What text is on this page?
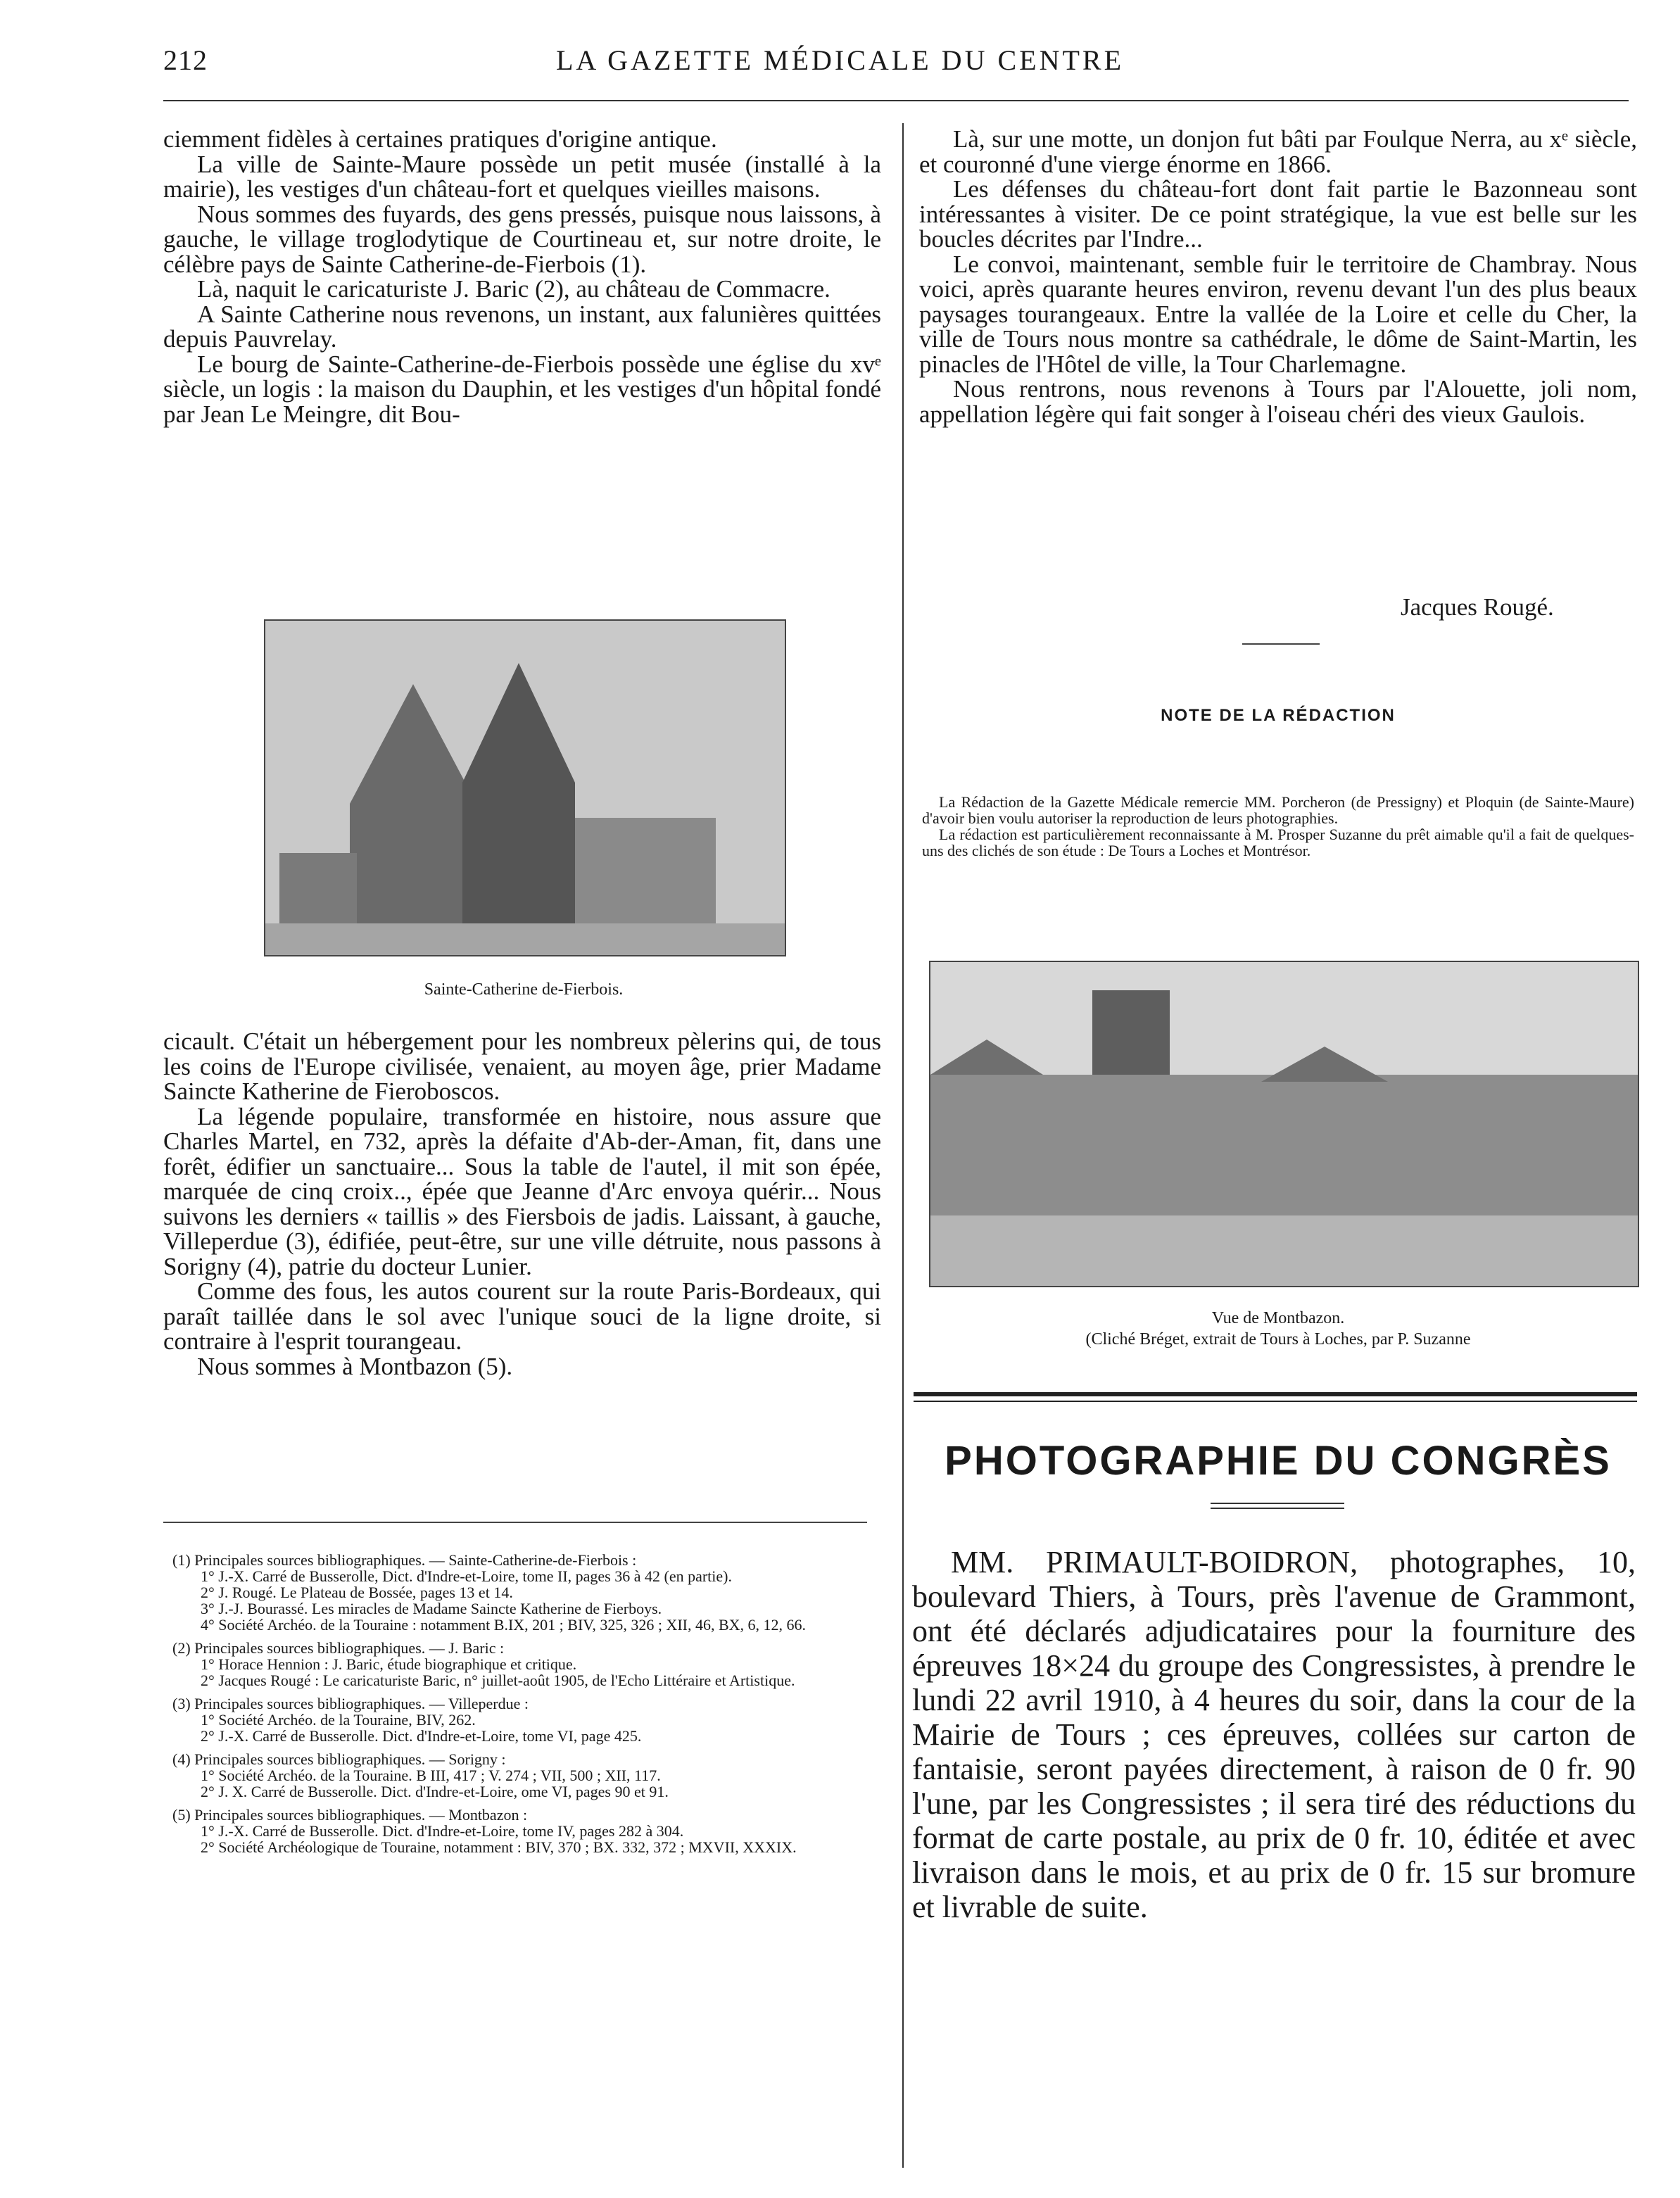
212	LA GAZETTE MÉDICALE DU CENTRE

ciemment fidèles à certaines pratiques d'origine antique.

La ville de Sainte-Maure possède un petit musée (installé à la mairie), les vestiges d'un château-fort et quelques vieilles maisons.

Nous sommes des fuyards, des gens pressés, puisque nous laissons, à gauche, le village troglodytique de Courtineau et, sur notre droite, le célèbre pays de Sainte Catherine-de-Fierbois (1).

Là, naquit le caricaturiste J. Baric (2), au château de Commacre.

A Sainte Catherine nous revenons, un instant, aux falunières quittées depuis Pauvrelay.

Le bourg de Sainte-Catherine-de-Fierbois possède une église du xvᵉ siècle, un logis : la maison du Dauphin, et les vestiges d'un hôpital fondé par Jean Le Meingre, dit Bou-

Sainte-Catherine de-Fierbois.

cicault. C'était un hébergement pour les nombreux pèlerins qui, de tous les coins de l'Europe civilisée, venaient, au moyen âge, prier Madame Saincte Katherine de Fieroboscos.

La légende populaire, transformée en histoire, nous assure que Charles Martel, en 732, après la défaite d'Ab-der-Aman, fit, dans une forêt, édifier un sanctuaire... Sous la table de l'autel, il mit son épée, marquée de cinq croix.., épée que Jeanne d'Arc envoya quérir... Nous suivons les derniers « taillis » des Fiersbois de jadis. Laissant, à gauche, Villeperdue (3), édifiée, peut-être, sur une ville détruite, nous passons à Sorigny (4), patrie du docteur Lunier.

Comme des fous, les autos courent sur la route Paris-Bordeaux, qui paraît taillée dans le sol avec l'unique souci de la ligne droite, si contraire à l'esprit tourangeau.

Nous sommes à Montbazon (5).

(1) Principales sources bibliographiques. — Sainte-Catherine-de-Fierbois :
1° J.-X. Carré de Busserolle, Dict. d'Indre-et-Loire, tome II, pages 36 à 42 (en partie).
2° J. Rougé. Le Plateau de Bossée, pages 13 et 14.
3° J.-J. Bourassé. Les miracles de Madame Saincte Katherine de Fierboys.
4° Société Archéo. de la Touraine : notamment B.IX, 201 ; BIV, 325, 326 ; XII, 46, BX, 6, 12, 66.
(2) Principales sources bibliographiques. — J. Baric :
1° Horace Hennion : J. Baric, étude biographique et critique.
2° Jacques Rougé : Le caricaturiste Baric, n° juillet-août 1905, de l'Echo Littéraire et Artistique.
(3) Principales sources bibliographiques. — Villeperdue :
1° Société Archéo. de la Touraine, BIV, 262.
2° J.-X. Carré de Busserolle. Dict. d'Indre-et-Loire, tome VI, page 425.
(4) Principales sources bibliographiques. — Sorigny :
1° Société Archéo. de la Touraine. B III, 417 ; V. 274 ; VII, 500 ; XII, 117.
2° J. X. Carré de Busserolle. Dict. d'Indre-et-Loire, ome VI, pages 90 et 91.
(5) Principales sources bibliographiques. — Montbazon :
1° J.-X. Carré de Busserolle. Dict. d'Indre-et-Loire, tome IV, pages 282 à 304.
2° Société Archéologique de Touraine, notamment : BIV, 370 ; BX. 332, 372 ; MXVII, XXXIX.

Là, sur une motte, un donjon fut bâti par Foulque Nerra, au xᵉ siècle, et couronné d'une vierge énorme en 1866.

Les défenses du château-fort dont fait partie le Bazonneau sont intéressantes à visiter. De ce point stratégique, la vue est belle sur les boucles décrites par l'Indre...

Le convoi, maintenant, semble fuir le territoire de Chambray. Nous voici, après quarante heures environ, revenu devant l'un des plus beaux paysages tourangeaux. Entre la vallée de la Loire et celle du Cher, la ville de Tours nous montre sa cathédrale, le dôme de Saint-Martin, les pinacles de l'Hôtel de ville, la Tour Charlemagne.

Nous rentrons, nous revenons à Tours par l'Alouette, joli nom, appellation légère qui fait songer à l'oiseau chéri des vieux Gaulois.

Jacques Rougé.
NOTE DE LA RÉDACTION

La Rédaction de la Gazette Médicale remercie MM. Porcheron (de Pressigny) et Ploquin (de Sainte-Maure) d'avoir bien voulu autoriser la reproduction de leurs photographies.

La rédaction est particulièrement reconnaissante à M. Prosper Suzanne du prêt aimable qu'il a fait de quelques-uns des clichés de son étude : De Tours a Loches et Montrésor.

Vue de Montbazon.
(Cliché Bréget, extrait de Tours à Loches, par P. Suzanne
PHOTOGRAPHIE DU CONGRÈS

MM. PRIMAULT-BOIDRON, photographes, 10, boulevard Thiers, à Tours, près l'avenue de Grammont, ont été déclarés adjudicataires pour la fourniture des épreuves 18×24 du groupe des Congressistes, à prendre le lundi 22 avril 1910, à 4 heures du soir, dans la cour de la Mairie de Tours ; ces épreuves, collées sur carton de fantaisie, seront payées directement, à raison de 0 fr. 90 l'une, par les Congressistes ; il sera tiré des réductions du format de carte postale, au prix de 0 fr. 10, éditée et avec livraison dans le mois, et au prix de 0 fr. 15 sur bromure et livrable de suite.
